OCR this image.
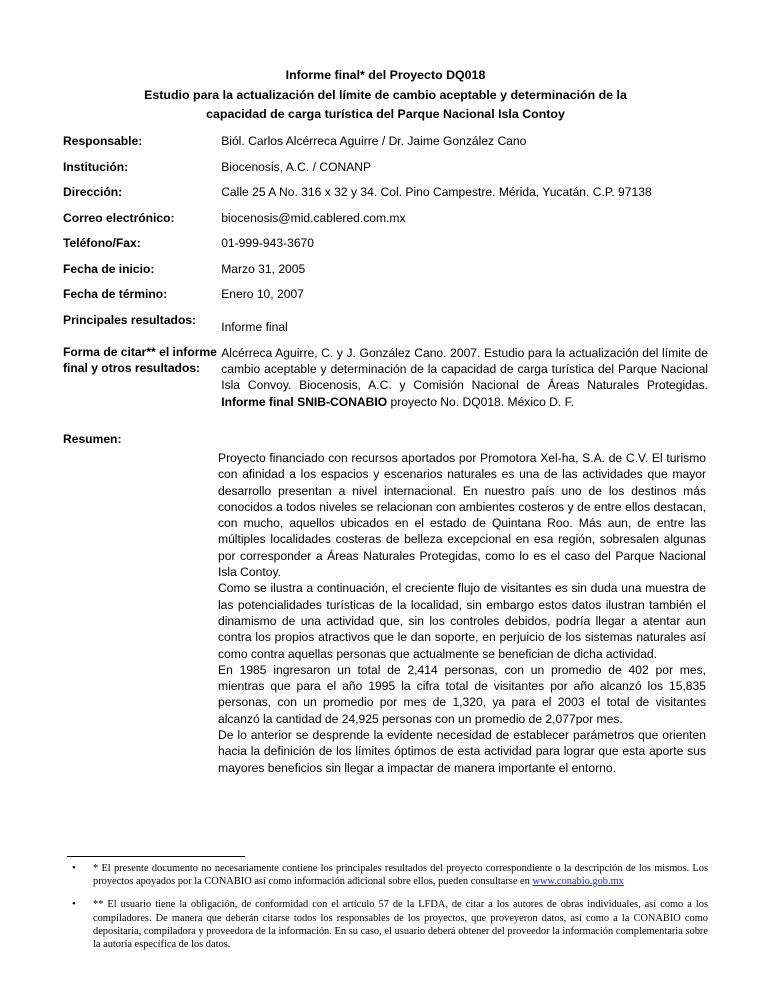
Informe final* del Proyecto DQ018
Estudio para la actualización del límite de cambio aceptable y determinación de la
capacidad de carga turística del Parque Nacional Isla Contoy
Responsable:	Biól. Carlos Alcérreca Aguirre / Dr. Jaime González Cano
Institución:	Biocenosis, A.C. / CONANP
Dirección:	Calle 25 A No. 316 x 32 y 34. Col. Pino Campestre. Mérida, Yucatán. C.P. 97138
Correo electrónico:	biocenosis@mid.cablered.com.mx
Teléfono/Fax:	01-999-943-3670
Fecha de inicio:	Marzo 31, 2005
Fecha de término:	Enero 10, 2007
Principales resultados:	Informe final

Forma de citar** el informe final y otros resultados:	Alcérreca Aguirre, C. y J. González Cano. 2007. Estudio para la actualización del límite de cambio aceptable y determinación de la capacidad de carga turística del Parque Nacional Isla Convoy. Biocenosis, A.C. y Comisión Nacional de Áreas Naturales Protegidas. Informe final SNIB-CONABIO proyecto No. DQ018. México D. F.
Resumen:

Proyecto financiado con recursos aportados por Promotora Xel-ha, S.A. de C.V. El turismo con afinidad a los espacios y escenarios naturales es una de las actividades que mayor desarrollo presentan a nivel internacional. En nuestro país uno de los destinos más conocidos a todos niveles se relacionan con ambientes costeros y de entre ellos destacan, con mucho, aquellos ubicados en el estado de Quintana Roo. Más aun, de entre las múltiples localidades costeras de belleza excepcional en esa región, sobresalen algunas por corresponder a Áreas Naturales Protegidas, como lo es el caso del Parque Nacional Isla Contoy.

Como se ilustra a continuación, el creciente flujo de visitantes es sin duda una muestra de las potencialidades turísticas de la localidad, sin embargo estos datos ilustran también el dinamismo de una actividad que, sin los controles debidos, podría llegar a atentar aun contra los propios atractivos que le dan soporte, en perjuicio de los sistemas naturales así como contra aquellas personas que actualmente se benefician de dicha actividad.

En 1985 ingresaron un total de 2,414 personas, con un promedio de 402 por mes, mientras que para el año 1995 la cifra total de visitantes por año alcanzó los 15,835 personas, con un promedio por mes de 1,320, ya para el 2003 el total de visitantes alcanzó la cantidad de 24,925 personas con un promedio de 2,077por mes.

De lo anterior se desprende la evidente necesidad de establecer parámetros que orienten hacia la definición de los límites óptimos de esta actividad para lograr que esta aporte sus mayores beneficios sin llegar a impactar de manera importante el entorno.

• * El presente documento no necesariamente contiene los principales resultados del proyecto correspondiente o la descripción de los mismos. Los proyectos apoyados por la CONABIO así como información adicional sobre ellos, pueden consultarse en www.conabio.gob.mx
• ** El usuario tiene la obligación, de conformidad con el artículo 57 de la LFDA, de citar a los autores de obras individuales, así como a los compiladores. De manera que deberán citarse todos los responsables de los proyectos, que proveyeron datos, así como a la CONABIO como depositaria, compiladora y proveedora de la información. En su caso, el usuario deberá obtener del proveedor la información complementaria sobre la autoría específica de los datos.
